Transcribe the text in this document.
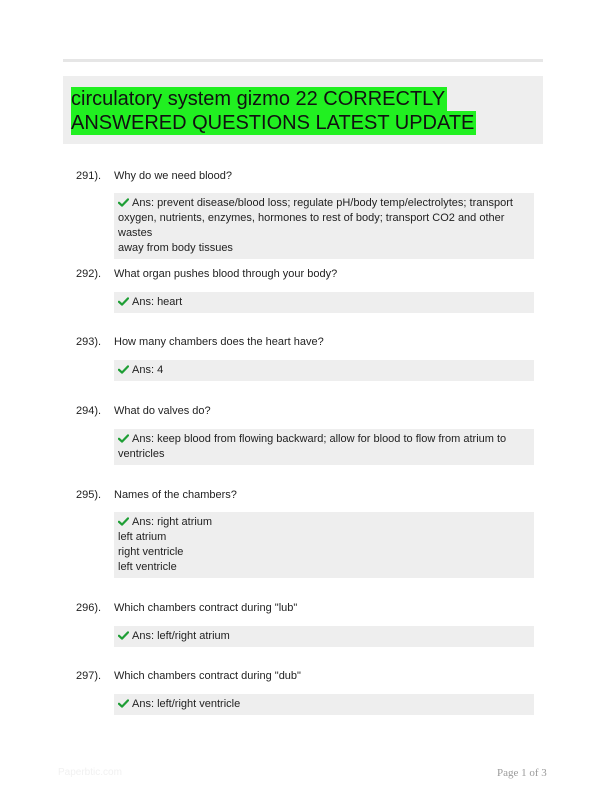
circulatory system gizmo 22 CORRECTLY
ANSWERED QUESTIONS LATEST UPDATE
291). Why do we need blood?
Ans: prevent disease/blood loss; regulate pH/body temp/electrolytes; transport
oxygen, nutrients, enzymes, hormones to rest of body; transport CO2 and other wastes
away from body tissues
292). What organ pushes blood through your body?
Ans: heart
293). How many chambers does the heart have?
Ans: 4
294). What do valves do?
Ans: keep blood from flowing backward; allow for blood to flow from atrium to
ventricles
295). Names of the chambers?
Ans: right atrium
left atrium
right ventricle
left ventricle
296). Which chambers contract during "lub"
Ans: left/right atrium
297). Which chambers contract during "dub"
Ans: left/right ventricle
Paperbtic.com	Page 1 of 3
